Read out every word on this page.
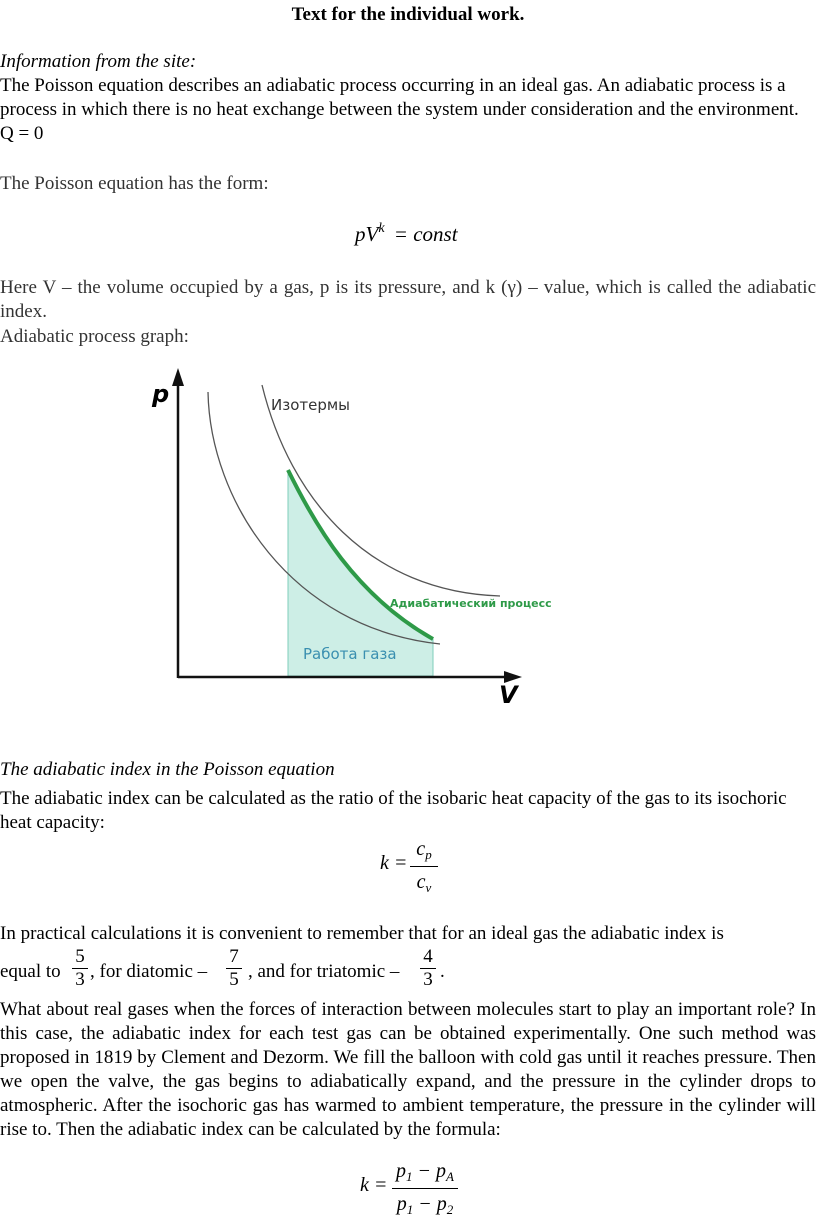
Text for the individual work.
Information from the site:
The Poisson equation describes an adiabatic process occurring in an ideal gas. An adiabatic process is a process in which there is no heat exchange between the system under consideration and the environment. Q = 0
The Poisson equation has the form:
$pV^k$ = const
Here V – the volume occupied by a gas, p is its pressure, and k (γ) – value, which is called the adiabatic index.
Adiabatic process graph:
p
V
Изотермы
Адиабатический процесс
Работа газа
The adiabatic index in the Poisson equation
The adiabatic index can be calculated as the ratio of the isobaric heat capacity of the gas to its isochoric heat capacity:
$k = \frac{c_p}{c_v}$
In practical calculations it is convenient to remember that for an ideal gas the adiabatic index is
equal to , for diatomic – , and for triatomic – .
$\frac{5}{3}$	$\frac{7}{5}$	$\frac{4}{3}$
What about real gases when the forces of interaction between molecules start to play an important role? In this case, the adiabatic index for each test gas can be obtained experimentally. One such method was proposed in 1819 by Clement and Dezorm. We fill the balloon with cold gas until it reaches pressure. Then we open the valve, the gas begins to adiabatically expand, and the pressure in the cylinder drops to atmospheric. After the isochoric gas has warmed to ambient temperature, the pressure in the cylinder will rise to. Then the adiabatic index can be calculated by the formula:
$k = \frac{p_1 - p_A}{p_1 - p_2}$
